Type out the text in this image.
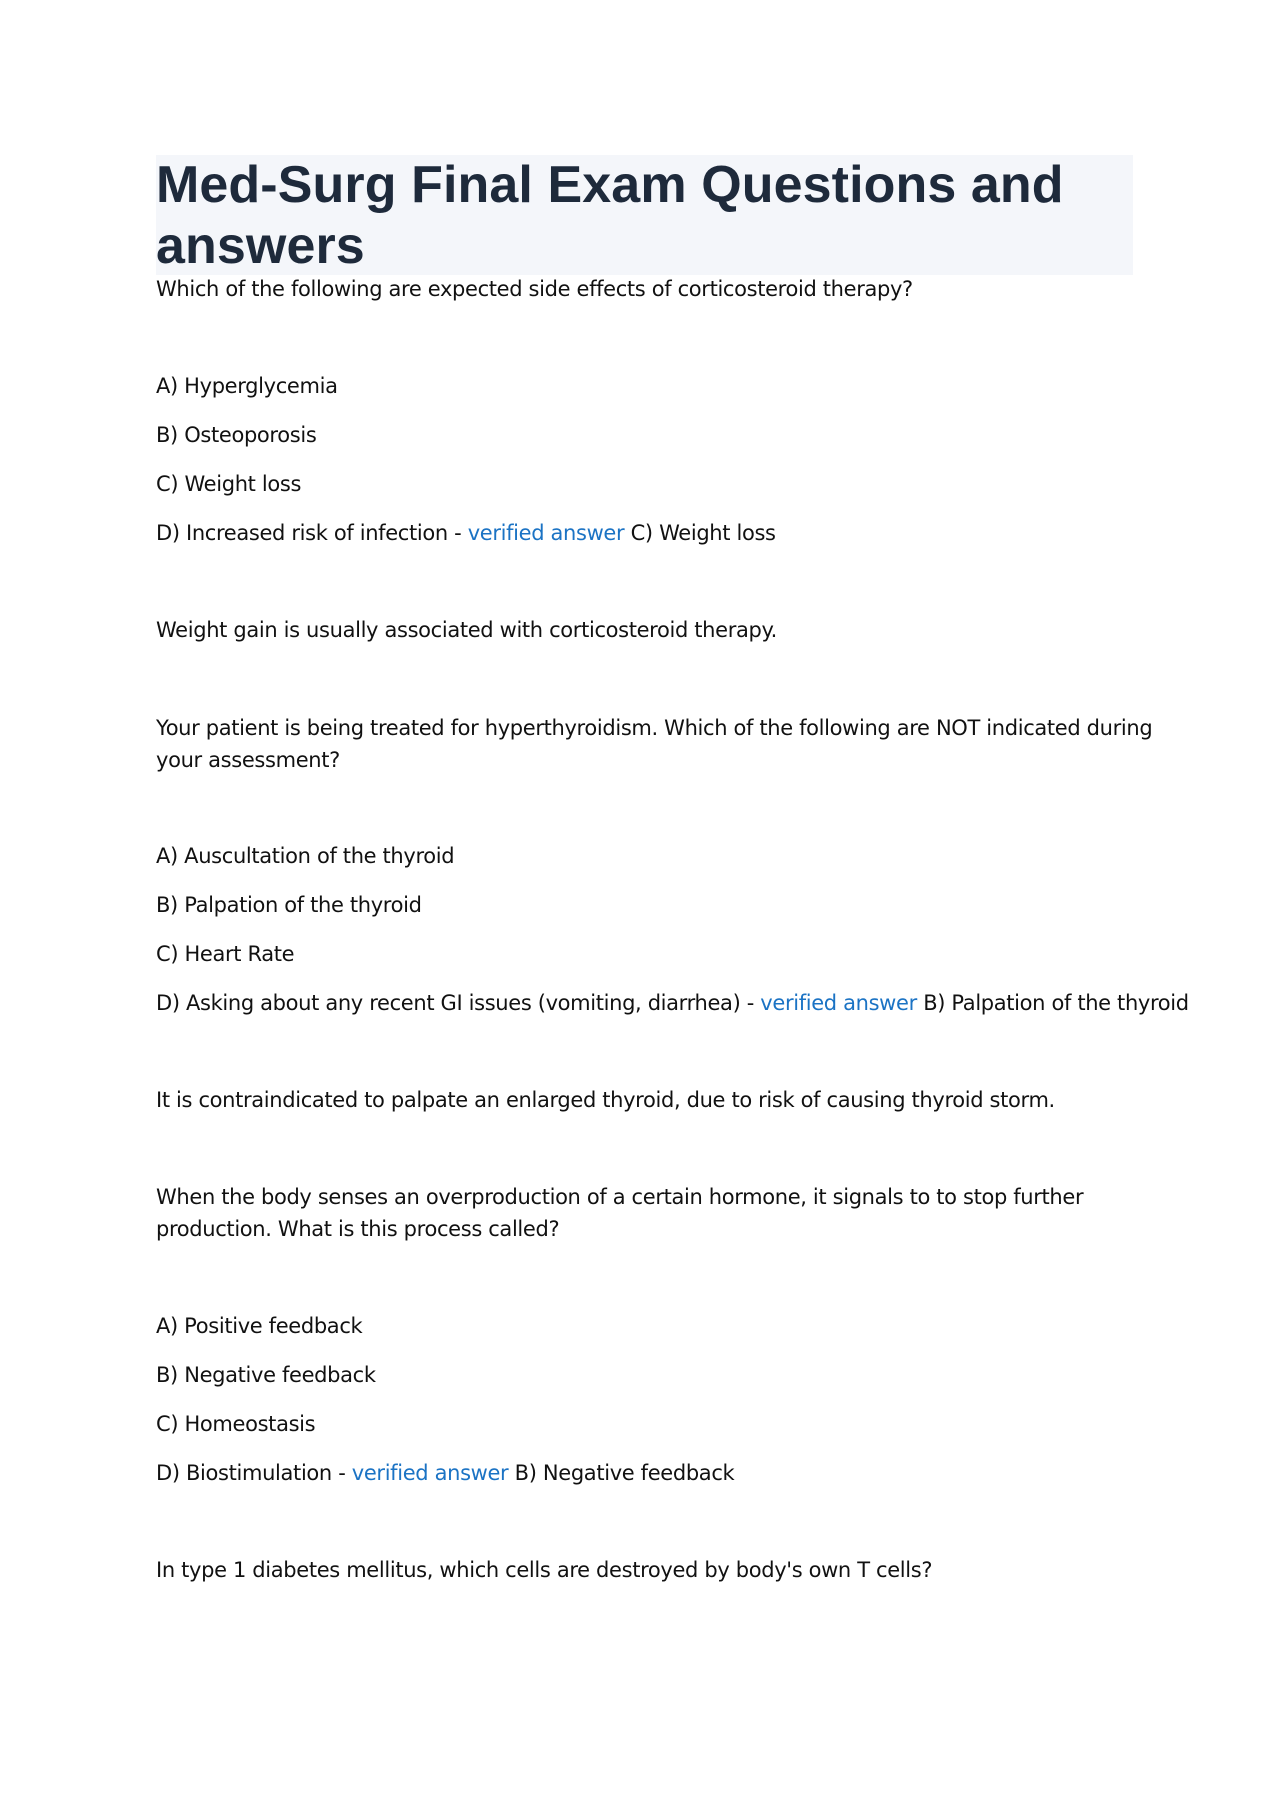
Med-Surg Final Exam Questions and answers

Which of the following are expected side effects of corticosteroid therapy?

A) Hyperglycemia

B) Osteoporosis

C) Weight loss

D) Increased risk of infection - verified answer C) Weight loss

Weight gain is usually associated with corticosteroid therapy.

Your patient is being treated for hyperthyroidism. Which of the following are NOT indicated during

your assessment?

A) Auscultation of the thyroid

B) Palpation of the thyroid

C) Heart Rate

D) Asking about any recent GI issues (vomiting, diarrhea) - verified answer B) Palpation of the thyroid

It is contraindicated to palpate an enlarged thyroid, due to risk of causing thyroid storm.

When the body senses an overproduction of a certain hormone, it signals to to stop further

production. What is this process called?

A) Positive feedback

B) Negative feedback

C) Homeostasis

D) Biostimulation - verified answer B) Negative feedback

In type 1 diabetes mellitus, which cells are destroyed by body's own T cells?
